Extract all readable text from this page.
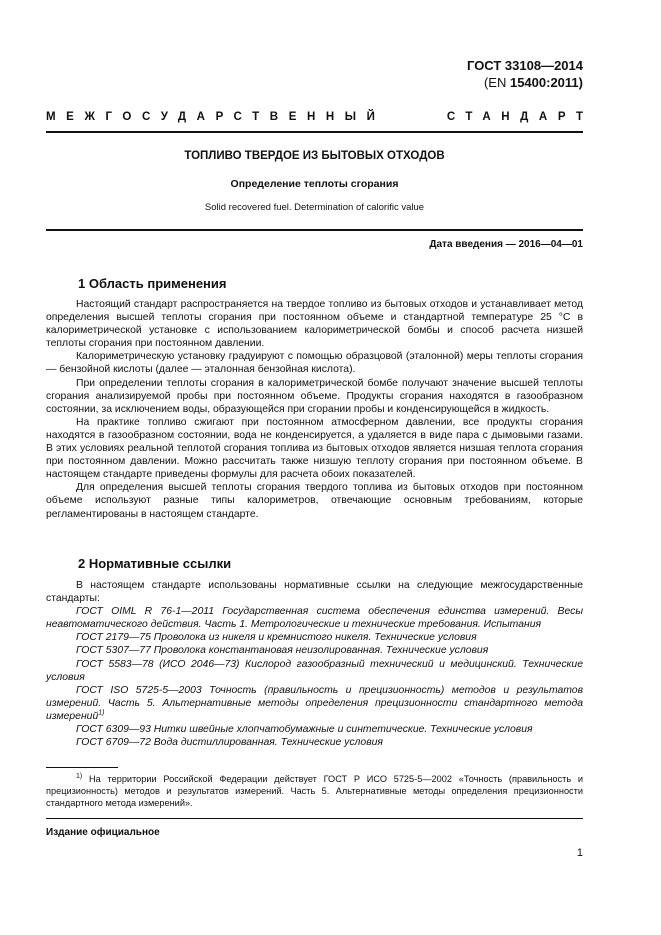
ГОСТ 33108—2014
(EN 15400:2011)
МЕЖГОСУДАРСТВЕННЫЙ	СТАНДАРТ
ТОПЛИВО ТВЕРДОЕ ИЗ БЫТОВЫХ ОТХОДОВ
Определение теплоты сгорания
Solid recovered fuel. Determination of calorific value
Дата введения — 2016—04—01
1 Область применения

Настоящий стандарт распространяется на твердое топливо из бытовых отходов и устанавливает метод определения высшей теплоты сгорания при постоянном объеме и стандартной температуре 25 °С в калориметрической установке с использованием калориметрической бомбы и способ расчета низшей теплоты сгорания при постоянном давлении.

Калориметрическую установку градуируют с помощью образцовой (эталонной) меры теплоты сгорания — бензойной кислоты (далее — эталонная бензойная кислота).

При определении теплоты сгорания в калориметрической бомбе получают значение высшей теплоты сгорания анализируемой пробы при постоянном объеме. Продукты сгорания находятся в газообразном состоянии, за исключением воды, образующейся при сгорании пробы и конденсирующейся в жидкость.

На практике топливо сжигают при постоянном атмосферном давлении, все продукты сгорания находятся в газообразном состоянии, вода не конденсируется, а удаляется в виде пара с дымовыми газами. В этих условиях реальной теплотой сгорания топлива из бытовых отходов является низшая теплота сгорания при постоянном давлении. Можно рассчитать также низшую теплоту сгорания при постоянном объеме. В настоящем стандарте приведены формулы для расчета обоих показателей.

Для определения высшей теплоты сгорания твердого топлива из бытовых отходов при постоянном объеме используют разные типы калориметров, отвечающие основным требованиям, которые регламентированы в настоящем стандарте.

2 Нормативные ссылки

В настоящем стандарте использованы нормативные ссылки на следующие межгосударственные стандарты:

ГОСТ OIML R 76-1—2011 Государственная система обеспечения единства измерений. Весы неавтоматического действия. Часть 1. Метрологические и технические требования. Испытания

ГОСТ 2179—75 Проволока из никеля и кремнистого никеля. Технические условия

ГОСТ 5307—77 Проволока константановая неизолированная. Технические условия

ГОСТ 5583—78 (ИСО 2046—73) Кислород газообразный технический и медицинский. Технические условия

ГОСТ ISO 5725-5—2003 Точность (правильность и прецизионность) методов и результатов измерений. Часть 5. Альтернативные методы определения прецизионности стандартного метода измерений$^{1)}$

ГОСТ 6309—93 Нитки швейные хлопчатобумажные и синтетические. Технические условия

ГОСТ 6709—72 Вода дистиллированная. Технические условия

$^{1)}$ На территории Российской Федерации действует ГОСТ Р ИСО 5725-5—2002 «Точность (правильность и прецизионность) методов и результатов измерений. Часть 5. Альтернативные методы определения прецизионности стандартного метода измерений».

Издание официальное
1
